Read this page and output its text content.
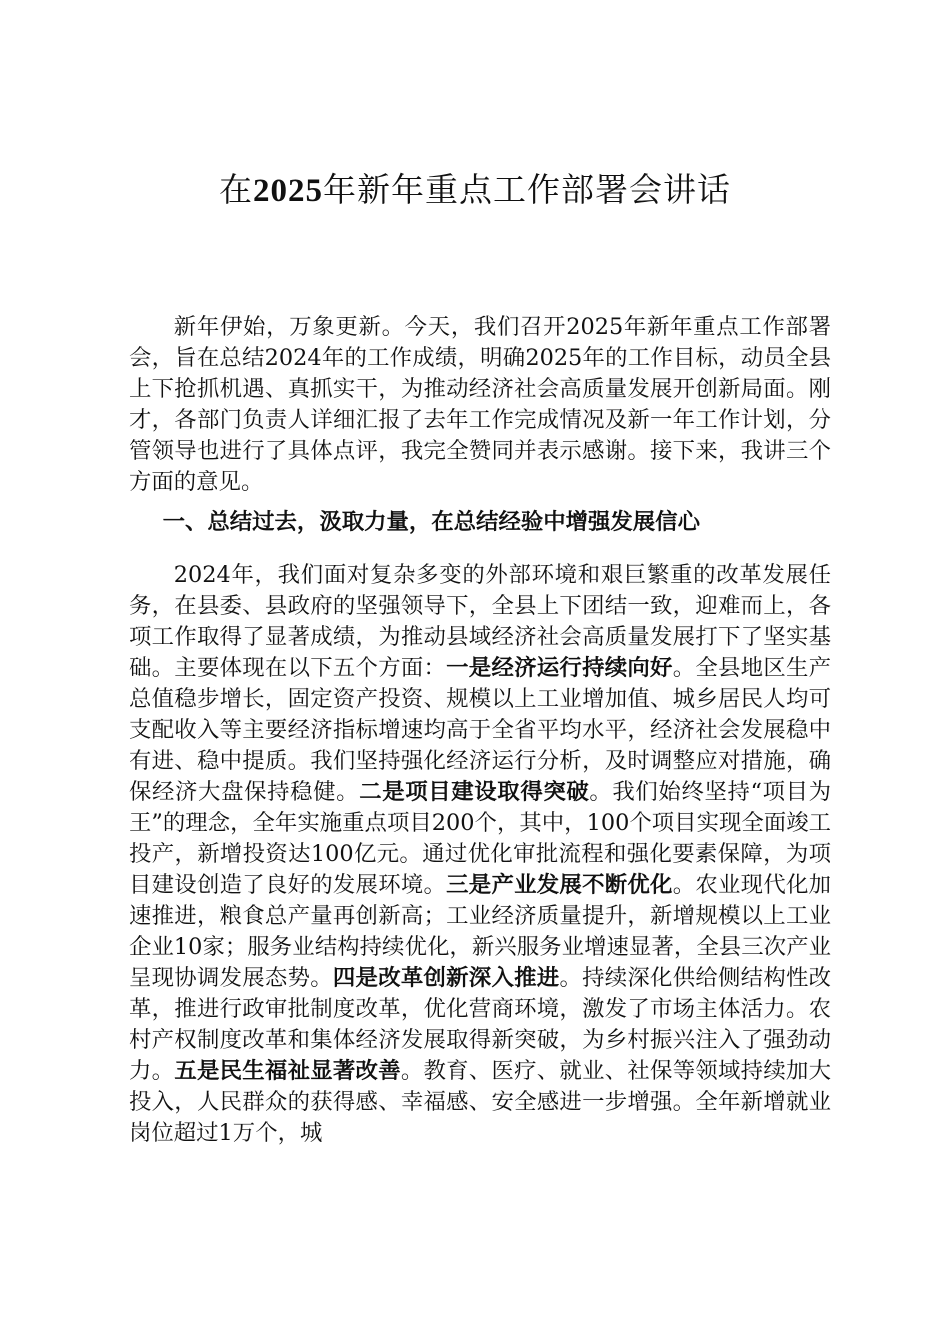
在2025年新年重点工作部署会讲话

新年伊始，万象更新。今天，我们召开2025年新年重点工作部署会，旨在总结2024年的工作成绩，明确2025年的工作目标，动员全县上下抢抓机遇、真抓实干，为推动经济社会高质量发展开创新局面。刚才，各部门负责人详细汇报了去年工作完成情况及新一年工作计划，分管领导也进行了具体点评，我完全赞同并表示感谢。接下来，我讲三个方面的意见。

一、总结过去，汲取力量，在总结经验中增强发展信心

2024年，我们面对复杂多变的外部环境和艰巨繁重的改革发展任务，在县委、县政府的坚强领导下，全县上下团结一致，迎难而上，各项工作取得了显著成绩，为推动县域经济社会高质量发展打下了坚实基础。主要体现在以下五个方面：一是经济运行持续向好。全县地区生产总值稳步增长，固定资产投资、规模以上工业增加值、城乡居民人均可支配收入等主要经济指标增速均高于全省平均水平，经济社会发展稳中有进、稳中提质。我们坚持强化经济运行分析，及时调整应对措施，确保经济大盘保持稳健。二是项目建设取得突破。我们始终坚持“项目为王”的理念，全年实施重点项目200个，其中，100个项目实现全面竣工投产，新增投资达100亿元。通过优化审批流程和强化要素保障，为项目建设创造了良好的发展环境。三是产业发展不断优化。农业现代化加速推进，粮食总产量再创新高；工业经济质量提升，新增规模以上工业企业10家；服务业结构持续优化，新兴服务业增速显著，全县三次产业呈现协调发展态势。四是改革创新深入推进。持续深化供给侧结构性改革，推进行政审批制度改革，优化营商环境，激发了市场主体活力。农村产权制度改革和集体经济发展取得新突破，为乡村振兴注入了强劲动力。五是民生福祉显著改善。教育、医疗、就业、社保等领域持续加大投入，人民群众的获得感、幸福感、安全感进一步增强。全年新增就业岗位超过1万个，城
